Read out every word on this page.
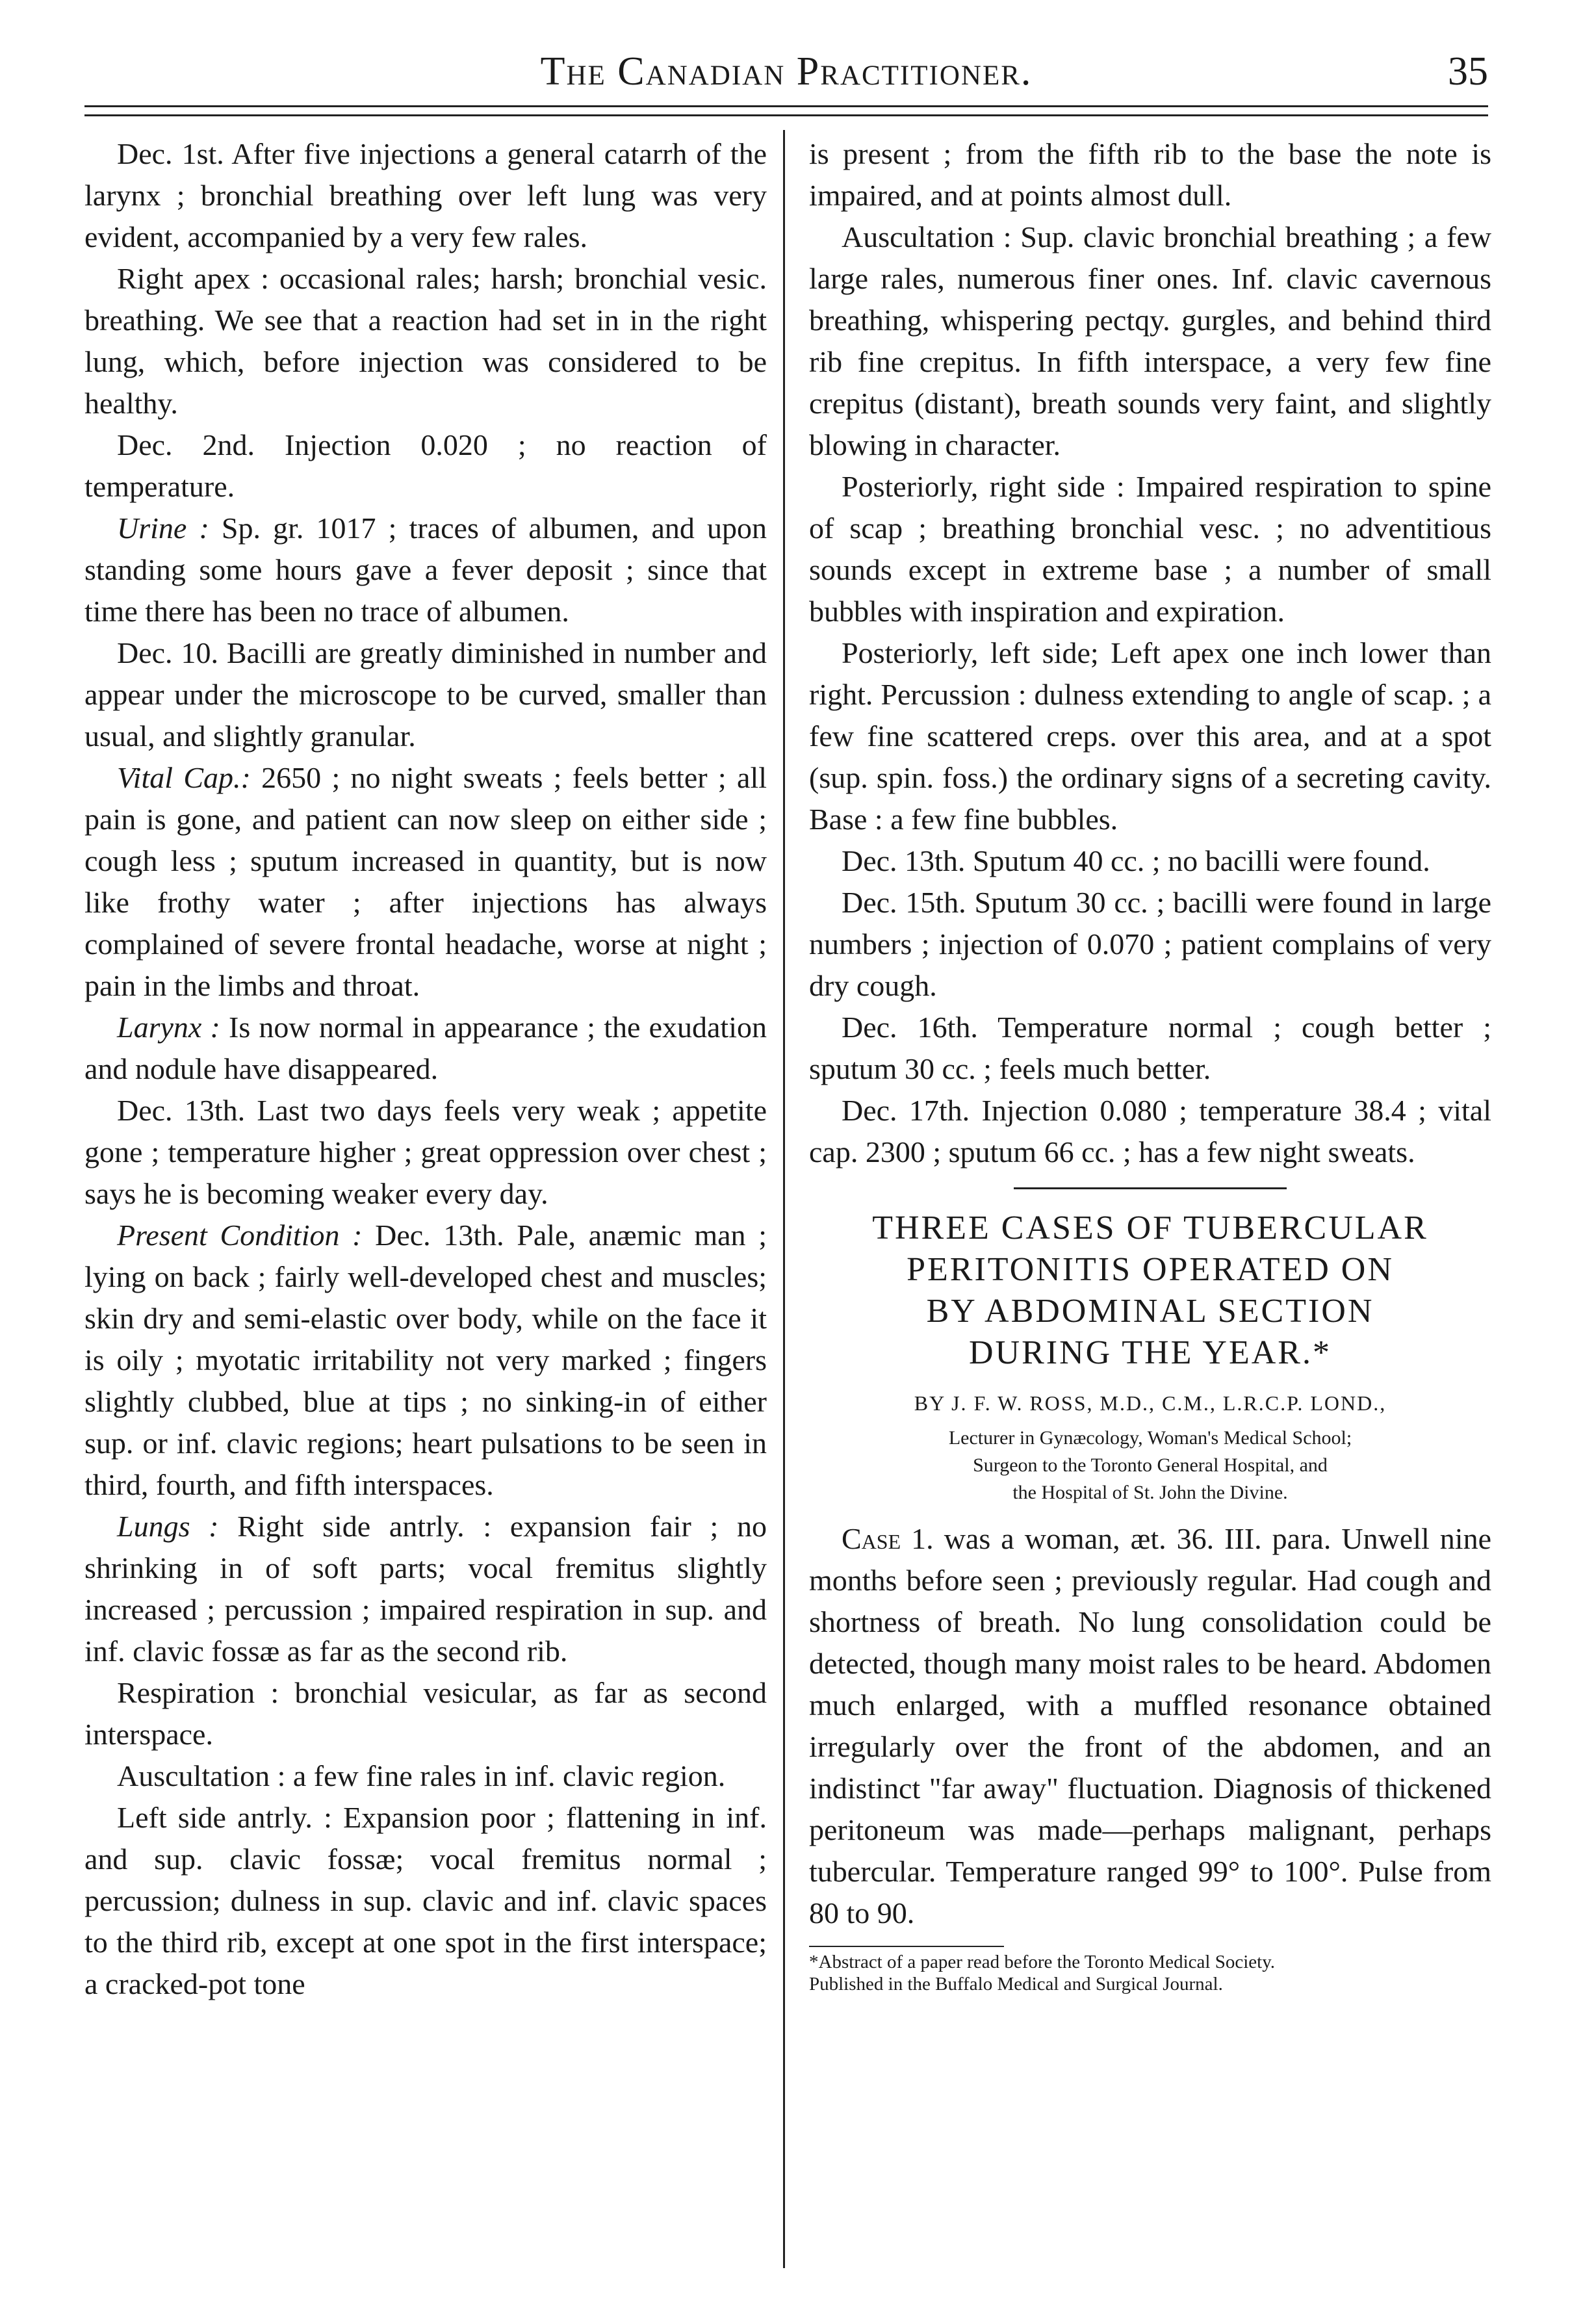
The Canadian Practitioner.	35

Dec. 1st. After five injections a general catarrh of the larynx ; bronchial breathing over left lung was very evident, accompanied by a very few rales.

Right apex : occasional rales; harsh; bronchial vesic. breathing. We see that a reaction had set in in the right lung, which, before injection was considered to be healthy.

Dec. 2nd. Injection 0.020 ; no reaction of temperature.

Urine : Sp. gr. 1017 ; traces of albumen, and upon standing some hours gave a fever deposit ; since that time there has been no trace of albumen.

Dec. 10. Bacilli are greatly diminished in number and appear under the microscope to be curved, smaller than usual, and slightly granular.

Vital Cap.: 2650 ; no night sweats ; feels better ; all pain is gone, and patient can now sleep on either side ; cough less ; sputum increased in quantity, but is now like frothy water ; after injections has always complained of severe frontal headache, worse at night ; pain in the limbs and throat.

Larynx : Is now normal in appearance ; the exudation and nodule have disappeared.

Dec. 13th. Last two days feels very weak ; appetite gone ; temperature higher ; great oppression over chest ; says he is becoming weaker every day.

Present Condition : Dec. 13th. Pale, anæmic man ; lying on back ; fairly well-developed chest and muscles; skin dry and semi-elastic over body, while on the face it is oily ; myotatic irritability not very marked ; fingers slightly clubbed, blue at tips ; no sinking-in of either sup. or inf. clavic regions; heart pulsations to be seen in third, fourth, and fifth interspaces.

Lungs : Right side antrly. : expansion fair ; no shrinking in of soft parts; vocal fremitus slightly increased ; percussion ; impaired respiration in sup. and inf. clavic fossæ as far as the second rib.

Respiration : bronchial vesicular, as far as second interspace.

Auscultation : a few fine rales in inf. clavic region.

Left side antrly. : Expansion poor ; flattening in inf. and sup. clavic fossæ; vocal fremitus normal ; percussion; dulness in sup. clavic and inf. clavic spaces to the third rib, except at one spot in the first interspace; a cracked-pot tone

is present ; from the fifth rib to the base the note is impaired, and at points almost dull.

Auscultation : Sup. clavic bronchial breathing ; a few large rales, numerous finer ones. Inf. clavic cavernous breathing, whispering pectqy. gurgles, and behind third rib fine crepitus. In fifth interspace, a very few fine crepitus (distant), breath sounds very faint, and slightly blowing in character.

Posteriorly, right side : Impaired respiration to spine of scap ; breathing bronchial vesc. ; no adventitious sounds except in extreme base ; a number of small bubbles with inspiration and expiration.

Posteriorly, left side; Left apex one inch lower than right. Percussion : dulness extending to angle of scap. ; a few fine scattered creps. over this area, and at a spot (sup. spin. foss.) the ordinary signs of a secreting cavity. Base : a few fine bubbles.

Dec. 13th. Sputum 40 cc. ; no bacilli were found.

Dec. 15th. Sputum 30 cc. ; bacilli were found in large numbers ; injection of 0.070 ; patient complains of very dry cough.

Dec. 16th. Temperature normal ; cough better ; sputum 30 cc. ; feels much better.

Dec. 17th. Injection 0.080 ; temperature 38.4 ; vital cap. 2300 ; sputum 66 cc. ; has a few night sweats.

THREE CASES OF TUBERCULAR
PERITONITIS OPERATED ON
BY ABDOMINAL SECTION
DURING THE YEAR.*
BY J. F. W. ROSS, M.D., C.M., L.R.C.P. LOND.,
Lecturer in Gynæcology, Woman's Medical School;
Surgeon to the Toronto General Hospital, and
the Hospital of St. John the Divine.

Case 1. was a woman, æt. 36. III. para. Unwell nine months before seen ; previously regular. Had cough and shortness of breath. No lung consolidation could be detected, though many moist rales to be heard. Abdomen much enlarged, with a muffled resonance obtained irregularly over the front of the abdomen, and an indistinct "far away" fluctuation. Diagnosis of thickened peritoneum was made—perhaps malignant, perhaps tubercular. Temperature ranged 99° to 100°. Pulse from 80 to 90.

*Abstract of a paper read before the Toronto Medical Society.

Published in the Buffalo Medical and Surgical Journal.
